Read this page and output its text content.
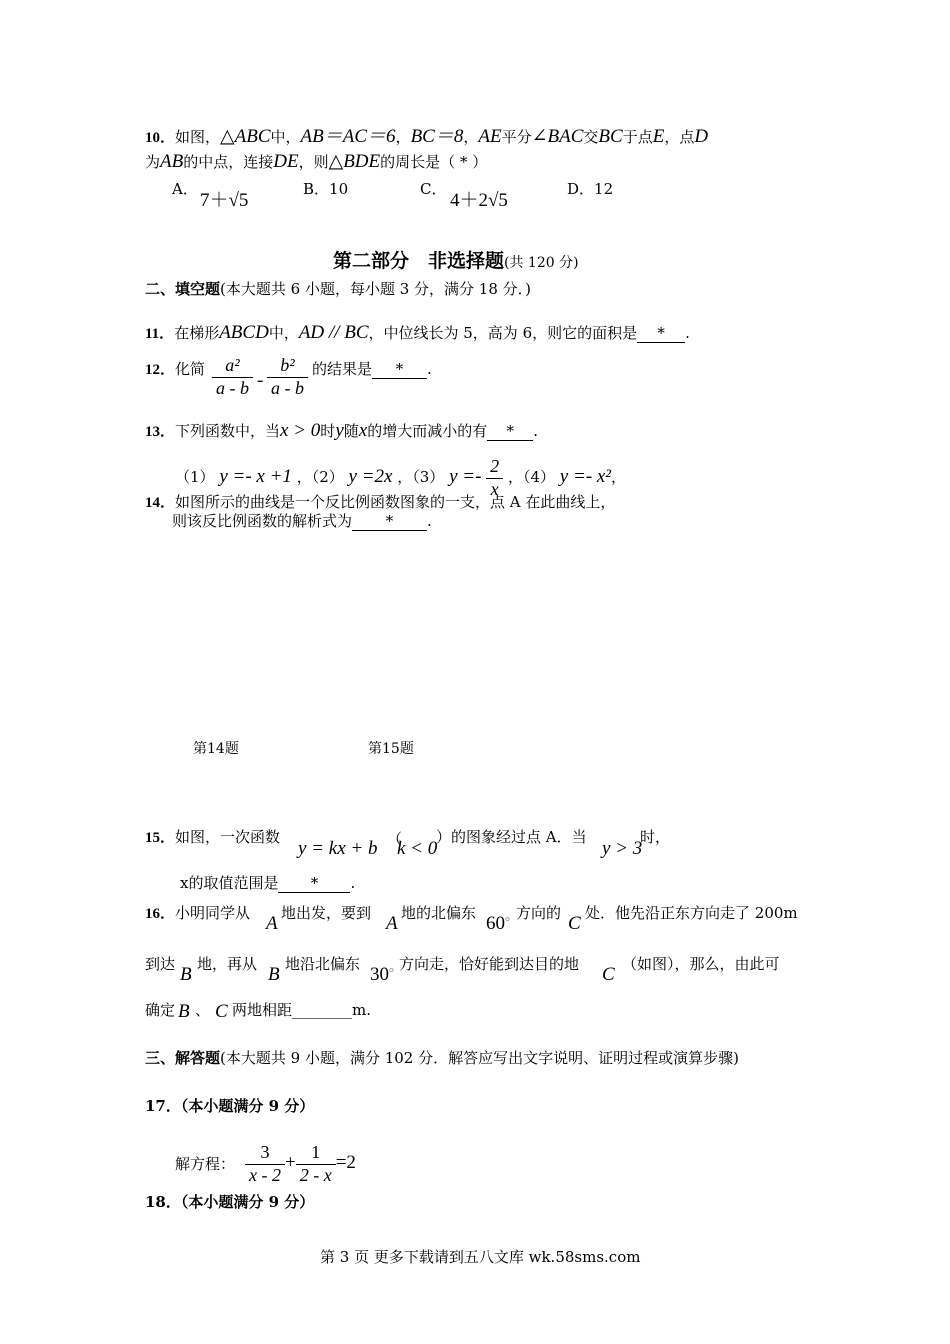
10．如图，△ABC中，AB＝AC＝6，BC＝8，AE平分∠BAC交BC于点E，点D
为AB的中点，连接DE，则△BDE的周长是（ * ）
A．
7＋√5
B．10	C．
4＋2√5
D．12
第二部分　非选择题(共 120 分)
二、填空题(本大题共 6 小题，每小题 3 分，满分 18 分．)
11．在梯形ABCD中，AD // BC，中位线长为 5，高为 6，则它的面积是 * .
12．化简 $\frac{\text{a²}}{a - b} - \frac{\text{b²}}{a - b}$ 的结果是 * .
13．下列函数中，当x > 0时y随x的增大而减小的有 * .
（1） y =- x +1 ，（2） y =2x ，（3） $y =- \frac{2}{x}$ ，（4） y =- x²，
14．如图所示的曲线是一个反比例函数图象的一支，点 A 在此曲线上，
则该反比例函数的解析式为 * .
第14题	第15题
15．如图，一次函数
y = kx + b （
k < 0
）的图象经过点 A．当
y > 3
时，
x的取值范围是 * .
16．小明同学从 A 地出发，要到 A 地的北偏东 60○ 方向的 C 处．他先沿正东方向走了 200m
到达 B 地，再从 B 地沿北偏东 30○ 方向走，恰好能到达目的地 C （如图），那么，由此可
确定 B 、 C 两地相距________m.
三、解答题(本大题共 9 小题，满分 102 分．解答应写出文字说明、证明过程或演算步骤)
17．（本小题满分 9 分）
解方程： $\frac{3}{x - 2} + \frac{1}{2 - x} =2$
18．（本小题满分 9 分）
第 3 页 更多下载请到五八文库 wk.58sms.com
